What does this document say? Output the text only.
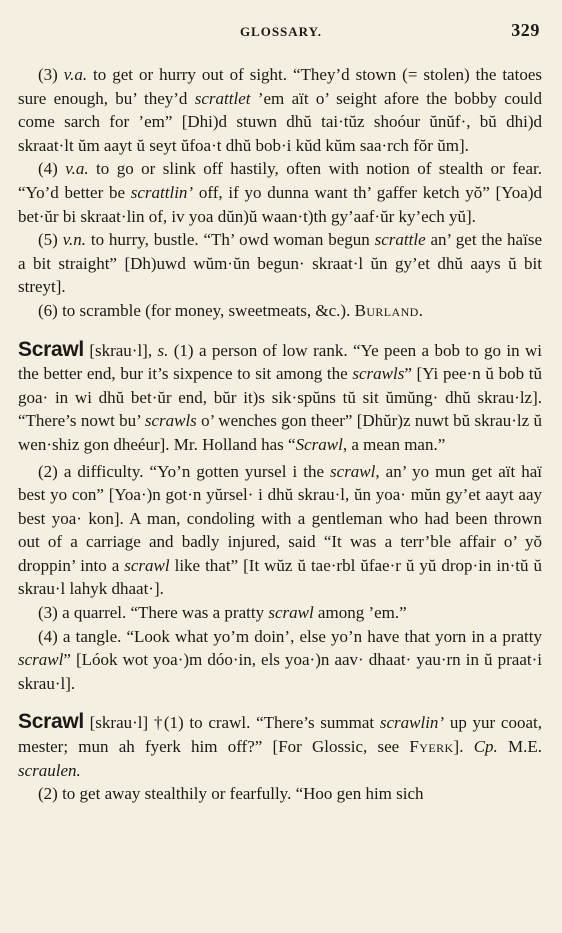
GLOSSARY.	329

(3) v.a. to get or hurry out of sight. “They’d stown (= stolen) the tatoes sure enough, bu’ they’d scrattlet ’em aït o’ seight afore the bobby could come sarch for ’em” [Dhi)d stuwn dhŭ tai·tŭz shoóur ŭnŭf·, bŭ dhi)d skraat·lt ŭm aayt ŭ seyt ŭfoa·t dhŭ bob·i kŭd kŭm saa·rch fŏr ŭm].

(4) v.a. to go or slink off hastily, often with notion of stealth or fear. “Yo’d better be scrattlin’ off, if yo dunna want th’ gaffer ketch yŏ” [Yoa)d bet·ŭr bi skraat·lin of, iv yoa dŭn)ŭ waan·t)th gy’aaf·ŭr ky’ech yŭ].

(5) v.n. to hurry, bustle. “Th’ owd woman begun scrattle an’ get the haïse a bit straight” [Dh)uwd wŭm·ŭn begun· skraat·l ŭn gy’et dhŭ aays ŭ bit streyt].

(6) to scramble (for money, sweetmeats, &c.). Burland.

Scrawl [skrau·l], s. (1) a person of low rank. “Ye peen a bob to go in wi the better end, bur it’s sixpence to sit among the scrawls” [Yi pee·n ŭ bob tŭ goa· in wi dhŭ bet·ŭr end, bŭr it)s sik·spŭns tŭ sit ŭmŭng· dhŭ skrau·lz]. “There’s nowt bu’ scrawls o’ wenches gon theer” [Dhŭr)z nuwt bŭ skrau·lz ŭ wen·shiz gon dheéur]. Mr. Holland has “Scrawl, a mean man.”

(2) a difficulty. “Yo’n gotten yursel i the scrawl, an’ yo mun get aït haï best yo con” [Yoa·)n got·n yŭrsel· i dhŭ skrau·l, ŭn yoa· mŭn gy’et aayt aay best yoa· kon]. A man, condoling with a gentleman who had been thrown out of a carriage and badly injured, said “It was a terr’ble affair o’ yŏ droppin’ into a scrawl like that” [It wŭz ŭ tae·rbl ŭfae·r ŭ yŭ drop·in in·tŭ ŭ skrau·l lahyk dhaat·].

(3) a quarrel. “There was a pratty scrawl among ’em.”

(4) a tangle. “Look what yo’m doin’, else yo’n have that yorn in a pratty scrawl” [Lóok wot yoa·)m dóo·in, els yoa·)n aav· dhaat· yau·rn in ŭ praat·i skrau·l].

Scrawl [skrau·l] †(1) to crawl. “There’s summat scrawlin’ up yur cooat, mester; mun ah fyerk him off?” [For Glossic, see Fyerk]. Cp. M.E. scraulen.

(2) to get away stealthily or fearfully. “Hoo gen him sich
